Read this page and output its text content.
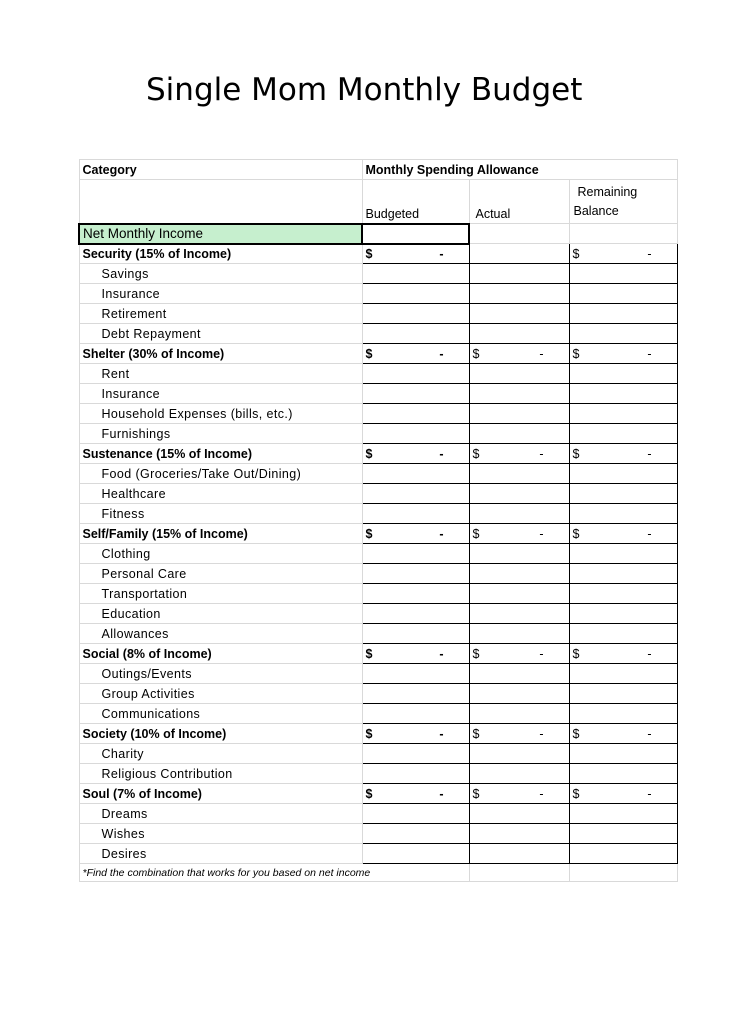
Single Mom Monthly Budget
Category	Monthly Spending Allowance		
	Budgeted	Actual	Remaining
Balance

Net Monthly Income			
Security (15% of Income)	$ -		$ -

Savings			
Insurance			
Retirement			
Debt Repayment			
Shelter (30% of Income)	$ -	$ -	$ -

Rent			
Insurance			
Household Expenses (bills, etc.)			
Furnishings			
Sustenance (15% of Income)	$ -	$ -	$ -

Food (Groceries/Take Out/Dining)			
Healthcare			
Fitness			
Self/Family (15% of Income)	$ -	$ -	$ -

Clothing			
Personal Care			
Transportation			
Education			
Allowances			
Social (8% of Income)	$ -	$ -	$ -

Outings/Events			
Group Activities			
Communications			
Society (10% of Income)	$ -	$ -	$ -

Charity			
Religious Contribution			
Soul (7% of Income)	$ -	$ -	$ -

Dreams			
Wishes			
Desires			
*Find the combination that works for you based on net income			
